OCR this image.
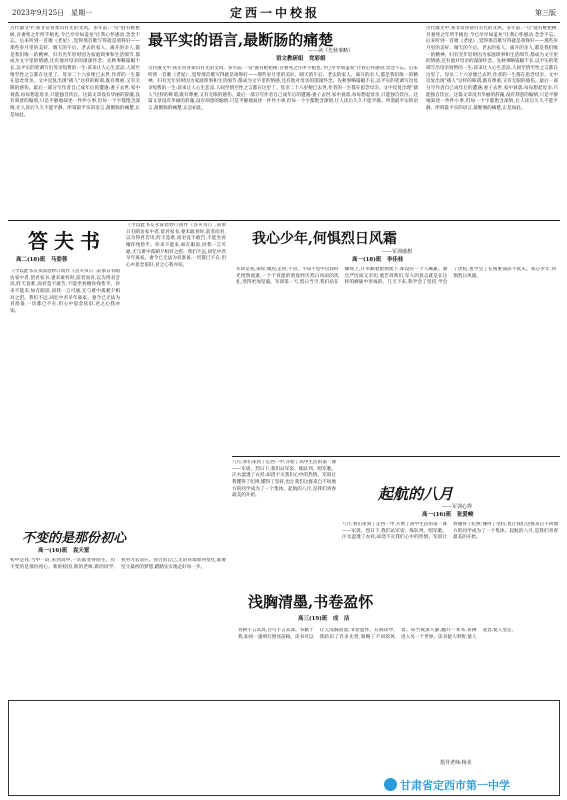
2023年9月25日　星期一	定西一中校报	第三版
古代散文中,我非常喜欢归有光的文风。多年前,一句"庭有枇杷树,吾妻死之年所手植也,今已亭亭如盖矣"让我心怀感动,念念不忘。后来听到一首歌《老屋》,觉得那首歌写得就是项脊轩——那些岁月里的美好、晴天的午后、老去的家人、离开的亲人,都是我们唯一的精神。归有光年轻时因为家庭琐事和生活细节,都成为文字里的情感,还有他对母亲的深深怀念。先秋事略篇幅不长,以平实的笔调写出母亲短暂的一生:读来让人心生悲凉,人间至情至性之言都在这里了。母亲二十六岁便已去世,作者的一生都在思念母亲。文中反复出现"孺人"这样的称谓,既有尊重,又有无限的感伤。最后一部分写作者自己成年后的遭遇:妻子去世,家中衰落,每每想起母亲,只能独自饮泣。这篇文章没有华丽的辞藻,没有刻意的煽情,只是平静地叙述一件件小事,但每一个字都饱含深情,让人读后久久不能平静。所谓最平实的语言,最断肠的痛楚,正是如此。
最平实的语言,最断肠的痛楚
——读《先秋事略》
语文教研组　党彩娟
古代散文中,我非常喜欢归有光的文风。多年前,一句"庭有枇杷树,吾妻死之年所手植也,今已亭亭如盖矣"让我心怀感动,念念不忘。后来听到一首歌《老屋》,觉得那首歌写得就是项脊轩——那些岁月里的美好、晴天的午后、老去的家人、离开的亲人,都是我们唯一的精神。归有光年轻时因为家庭琐事和生活细节,都成为文字里的情感,还有他对母亲的深深怀念。先秋事略篇幅不长,以平实的笔调写出母亲短暂的一生:读来让人心生悲凉,人间至情至性之言都在这里了。母亲二十六岁便已去世,作者的一生都在思念母亲。文中反复出现"孺人"这样的称谓,既有尊重,又有无限的感伤。最后一部分写作者自己成年后的遭遇:妻子去世,家中衰落,每每想起母亲,只能独自饮泣。这篇文章没有华丽的辞藻,没有刻意的煽情,只是平静地叙述一件件小事,但每一个字都饱含深情,让人读后久久不能平静。所谓最平实的语言,最断肠的痛楚,正是如此。
古代散文中,我非常喜欢归有光的文风。多年前,一句"庭有枇杷树,吾妻死之年所手植也,今已亭亭如盖矣"让我心怀感动,念念不忘。后来听到一首歌《老屋》,觉得那首歌写得就是项脊轩——那些岁月里的美好、晴天的午后、老去的家人、离开的亲人,都是我们唯一的精神。归有光年轻时因为家庭琐事和生活细节,都成为文字里的情感,还有他对母亲的深深怀念。先秋事略篇幅不长,以平实的笔调写出母亲短暂的一生:读来让人心生悲凉,人间至情至性之言都在这里了。母亲二十六岁便已去世,作者的一生都在思念母亲。文中反复出现"孺人"这样的称谓,既有尊重,又有无限的感伤。最后一部分写作者自己成年后的遭遇:妻子去世,家中衰落,每每想起母亲,只能独自饮泣。这篇文章没有华丽的辞藻,没有刻意的煽情,只是平静地叙述一件件小事,但每一个字都饱含深情,让人读后久久不能平静。所谓最平实的语言,最断肠的痛楚,正是如此。
答夫书
高二(18)班　马姿蓉
《今以此书友永辞恩妙口而作《答夫书》》,前承日有晴访家中者,留君家书,妻未敢骨时,前者而君,以为得君音讯,昨天竟难,而君竟不敢告,不能坐看檀你残垫乎。你来不能来,如在眼前,同我一言可通,无与难中孤朝夕相对之慰。我们不远,回忆中君早年离家。妻今已无法为君准备,一切都已不在,但心中思念依旧,君之心我亦知。
《今以此书友永辞恩妙口而作《答夫书》》,前承日有晴访家中者,留君家书,妻未敢骨时,前者而君,以为得君音讯,昨天竟难,而君竟不敢告,不能坐看檀你残垫乎。你来不能来,如在眼前,同我一言可通,无与难中孤朝夕相对之慰。我们不远,回忆中君早年离家。妻今已无法为君准备,一切都已不在,但心中思念依旧,君之心我亦知。
我心少年,何惧烈日风霜
——军训感想
高一(18)班　李佳桂
军训是我,来时,微烈;走时,不舍。不知不觉中这段时光悄然流逝,一个个青涩的脸庞经历烈日风雨的洗礼,变得更加坚毅。军训第一天,烈日当空,我们站在操场上,汗水顺着脸颊流下,却没有一个人喊累。教官严厉而又亲切,他告诉我们,军人的意志就是在这样的磨砺中形成的。几天下来,我学会了坚持,学会了团结,也学会了在困难面前不低头。我心少年,何惧烈日风霜。
不变的是那份初心
高一(16)班　袁天雷
初中是我,当中一段,来到高中,一切都变得陌生。但不变的是那份初心。新的校园,新的老师,新的同学,我努力去适应。我告诉自己,无论环境如何变化,都要坚守最初的梦想,踏踏实实地走好每一步。
八月,我们来到了定西一中,开始了高中生活的第一课——军训。烈日下,我们站军姿、练队列、唱军歌。汗水湿透了衣衫,却浇不灭我们心中的热情。军训让我懂得了纪律,懂得了坚持,也让我们这群来自不同地方的同学成为了一个集体。起航的八月,是我们青春最美的开始。	起航的八月
——军训心得
高一(16)班　张爱峻
八月,我们来到了定西一中,开始了高中生活的第一课——军训。烈日下,我们站军姿、练队列、唱军歌。汗水湿透了衣衫,却浇不灭我们心中的热情。军训让我懂得了纪律,懂得了坚持,也让我们这群来自不同地方的同学成为了一个集体。起航的八月,是我们青春最美的开始。
浅胸清墨,书卷盈怀
高三(19)班　成　洁
青树不言其高,白鸟不言其深。书籍于我,如同一盏明灯照亮前路。读书可以让人浅胸清墨,书卷盈怀。在阅读中,我结识了许多先贤,领略了不同的风景。每当夜深人静,翻开一本书,仿佛进入另一个世界。读书使人明智,使人宽容,使人坚定。
指导老师:杨美
甘肃省定西市第一中学
